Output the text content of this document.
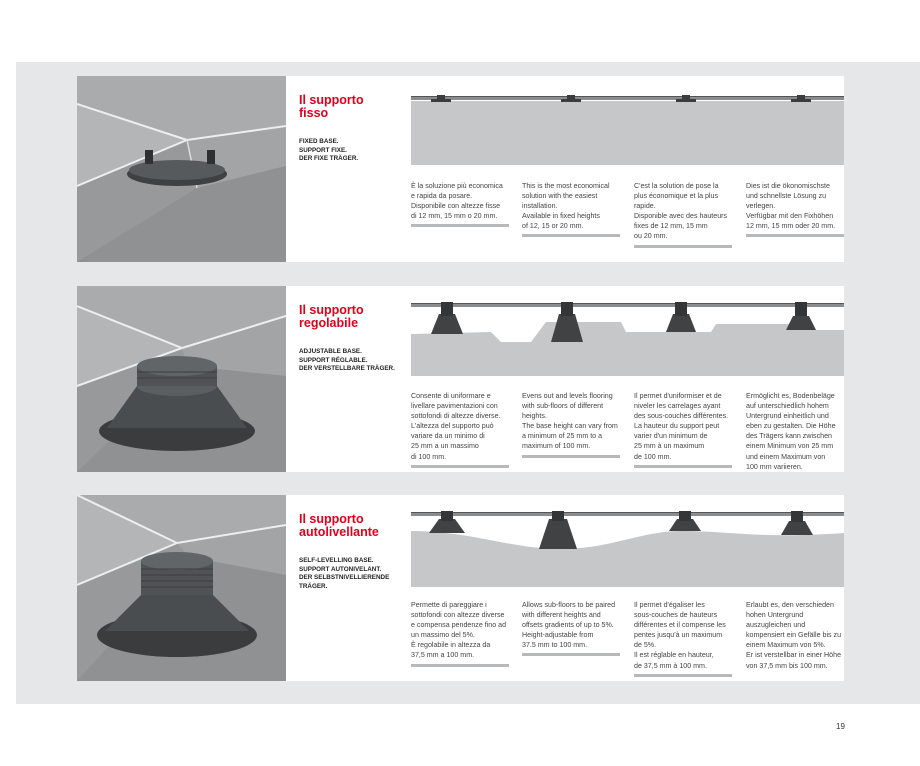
Il supporto
fisso
FIXED BASE.
SUPPORT FIXE.
DER FIXE TRÄGER.
È la soluzione più economica
e rapida da posare.
Disponibile con altezze fisse
di 12 mm, 15 mm o 20 mm.
This is the most economical
solution with the easiest
installation.
Available in fixed heights
of 12, 15 or 20 mm.
C'est la solution de pose la
plus économique et la plus
rapide.
Disponible avec des hauteurs
fixes de 12 mm, 15 mm
ou 20 mm.
Dies ist die ökonomischste
und schnellste Lösung zu
verlegen.
Verfügbar mit den Fixhöhen
12 mm, 15 mm oder 20 mm.
Il supporto
regolabile
ADJUSTABLE BASE.
SUPPORT RÉGLABLE.
DER VERSTELLBARE TRÄGER.
Consente di uniformare e
livellare pavimentazioni con
sottofondi di altezze diverse.
L'altezza del supporto può
variare da un minimo di
25 mm a un massimo
di 100 mm.
Evens out and levels flooring
with sub-floors of different
heights.
The base height can vary from
a minimum of 25 mm to a
maximum of 100 mm.
Il permet d'uniformiser et de
niveler les carrelages ayant
des sous-couches différentes.
La hauteur du support peut
varier d'un minimum de
25 mm à un maximum
de 100 mm.
Ermöglicht es, Bodenbeläge
auf unterschiedlich hohem
Untergrund einheitlich und
eben zu gestalten. Die Höhe
des Trägers kann zwischen
einem Minimum von 25 mm
und einem Maximum von
100 mm variieren.
Il supporto
autolivellante
SELF-LEVELLING BASE.
SUPPORT AUTONIVELANT.
DER SELBSTNIVELLIERENDE
TRÄGER.
Permette di pareggiare i
sottofondi con altezze diverse
e compensa pendenze fino ad
un massimo del 5%.
È regolabile in altezza da
37,5 mm a 100 mm.
Allows sub-floors to be paired
with different heights and
offsets gradients of up to 5%.
Height-adjustable from
37.5 mm to 100 mm.
Il permet d'égaliser les
sous-couches de hauteurs
différentes et il compense les
pentes jusqu'à un maximum
de 5%.
Il est réglable en hauteur,
de 37,5 mm à 100 mm.
Erlaubt es, den verschieden
hohen Untergrund
auszugleichen und
kompensiert ein Gefälle bis zu
einem Maximum von 5%.
Er ist verstellbar in einer Höhe
von 37,5 mm bis 100 mm.
19
